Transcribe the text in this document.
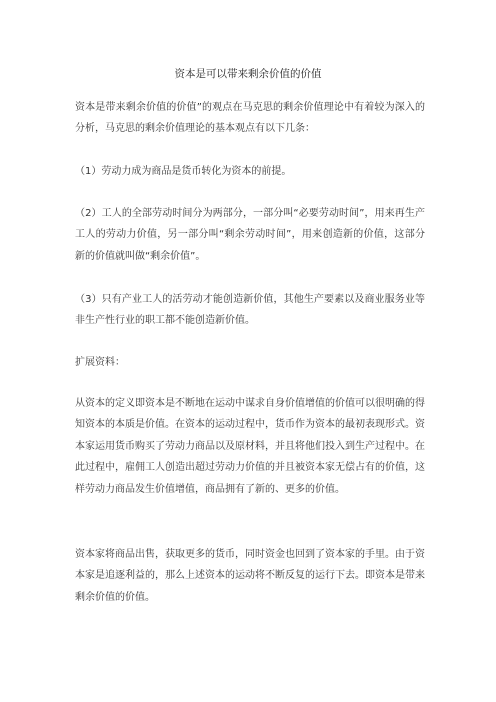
资本是可以带来剩余价值的价值

资本是带来剩余价值的价值”的观点在马克思的剩余价值理论中有着较为深入的分析，马克思的剩余价值理论的基本观点有以下几条：

（1）劳动力成为商品是货币转化为资本的前提。

（2）工人的全部劳动时间分为两部分，一部分叫“必要劳动时间”，用来再生产工人的劳动力价值，另一部分叫“剩余劳动时间”，用来创造新的价值，这部分新的价值就叫做“剩余价值”。

（3）只有产业工人的活劳动才能创造新价值，其他生产要素以及商业服务业等非生产性行业的职工都不能创造新价值。

扩展资料：

从资本的定义即资本是不断地在运动中谋求自身价值增值的价值可以很明确的得知资本的本质是价值。在资本的运动过程中，货币作为资本的最初表现形式。资本家运用货币购买了劳动力商品以及原材料，并且将他们投入到生产过程中。在此过程中，雇佣工人创造出超过劳动力价值的并且被资本家无偿占有的价值，这样劳动力商品发生价值增值，商品拥有了新的、更多的价值。

资本家将商品出售，获取更多的货币，同时资金也回到了资本家的手里。由于资本家是追逐利益的，那么上述资本的运动将不断反复的运行下去。即资本是带来剩余价值的价值。
